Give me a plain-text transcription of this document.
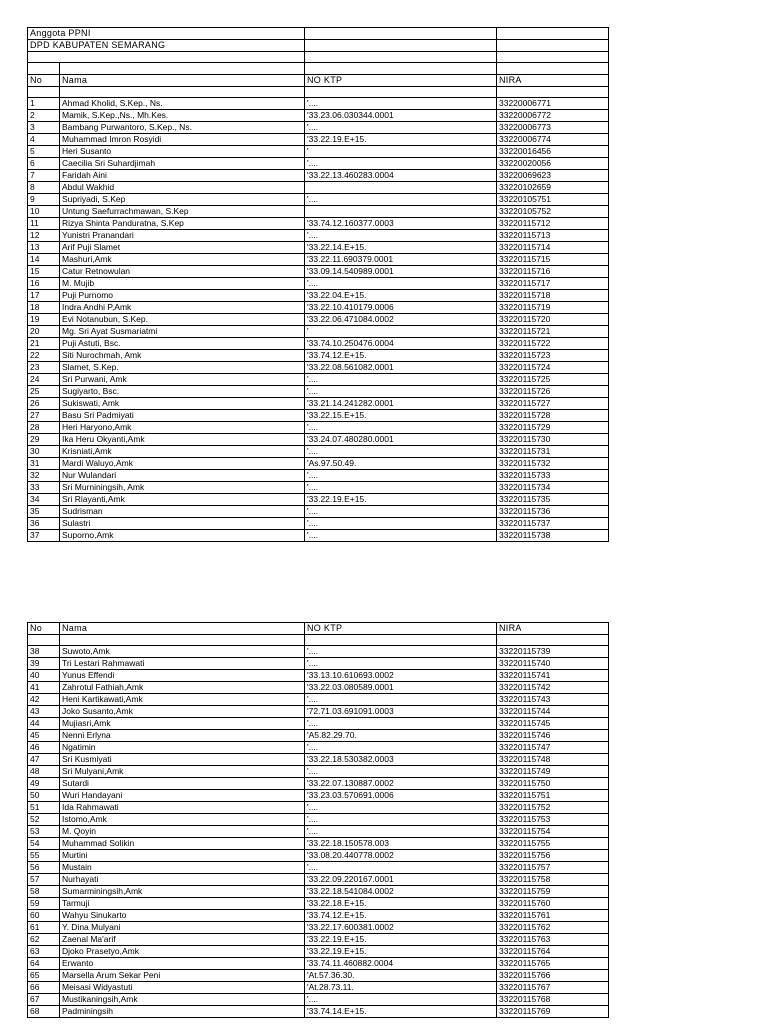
Anggota PPNI			
DPD KABUPATEN SEMARANG			

No	Nama	NO KTP	NIRA

1	Ahmad Kholid, S.Kep., Ns.	'....	33220006771
2	Mamik, S.Kep.,Ns., Mh.Kes.	'33.23.06.030344.0001	33220006772
3	Bambang Purwantoro, S.Kep., Ns.	'....	33220006773
4	Muhammad Imron Rosyidi	'33.22.19.E+15.	33220006774
5	Heri Susanto	'	33220016456
6	Caecilia Sri Suhardjimah	'....	33220020056
7	Faridah Aini	'33.22.13.460283.0004	33220069623
8	Abdul Wakhid		33220102659
9	Supriyadi, S.Kep	'....	33220105751
10	Untung Saefurrachmawan, S.Kep		33220105752
11	Rizya Shinta Panduratna, S.Kep	'33.74.12.160377.0003	33220115712
12	Yunistri Pranandari	'....	33220115713
13	Arif Puji Slamet	'33.22.14.E+15.	33220115714
14	Mashuri,Amk	'33.22.11.690379.0001	33220115715
15	Catur Retnowulan	'33.09.14.540989.0001	33220115716
16	M. Mujib	'....	33220115717
17	Puji Purnomo	'33.22.04.E+15.	33220115718
18	Indra Andhi P,Amk	'33.22.10.410179.0006	33220115719
19	Evi Notanubun, S.Kep.	'33.22.06.471084.0002	33220115720
20	Mg. Sri Ayat Susmariatmi	'	33220115721
21	Puji Astuti, Bsc.	'33.74.10.250476.0004	33220115722
22	Siti Nurochmah, Amk	'33.74.12.E+15.	33220115723
23	Slamet, S.Kep.	'33.22.08.561082.0001	33220115724
24	Sri Purwani, Amk	'....	33220115725
25	Sugiyarto, Bsc.	'....	33220115726
26	Sukiswati, Amk	'33.21.14.241282.0001	33220115727
27	Basu Sri Padmiyati	'33.22.15.E+15.	33220115728
28	Heri Haryono,Amk	'....	33220115729
29	Ika Heru Okyanti,Amk	'33.24.07.480280.0001	33220115730
30	Krisniati,Amk	'....	33220115731
31	Mardi Waluyo,Amk	'As.97.50.49.	33220115732
32	Nur Wulandari	'....	33220115733
33	Sri Murniningsih, Amk	'....	33220115734
34	Sri Riayanti,Amk	'33.22.19.E+15.	33220115735
35	Sudrisman	'....	33220115736
36	Sulastri	'....	33220115737
37	Suporno,Amk	'....	33220115738
No	Nama	NO KTP	NIRA

38	Suwoto,Amk	'....	33220115739
39	Tri Lestari Rahmawati	'....	33220115740
40	Yunus Effendi	'33.13.10.610693.0002	33220115741
41	Zahrotul Fathiah,Amk	'33.22.03.080589.0001	33220115742
42	Heni Kartikawati,Amk	'....	33220115743
43	Joko Susanto,Amk	'72.71.03.691091.0003	33220115744
44	Mujiasri,Amk	'....	33220115745
45	Nenni Erlyna	'A5.82.29.70.	33220115746
46	Ngatimin	'....	33220115747
47	Sri Kusmiyati	'33.22.18.530382.0003	33220115748
48	Sri Mulyani,Amk	'....	33220115749
49	Sutardi	'33.22.07.130887.0002	33220115750
50	Wuri Handayani	'33.23.03.570691.0006	33220115751
51	Ida Rahmawati	'....	33220115752
52	Istomo,Amk	'....	33220115753
53	M. Qoyin	'....	33220115754
54	Muhammad Solikin	'33.22.18.150578.003	33220115755
55	Murtini	'33.08.20.440778.0002	33220115756
56	Mustain	'....	33220115757
57	Nurhayati	'33.22.09.220167.0001	33220115758
58	Sumarminingsih,Amk	'33.22.18.541084.0002	33220115759
59	Tarmuji	'33.22.18.E+15.	33220115760
60	Wahyu Sinukarto	'33.74.12.E+15.	33220115761
61	Y. Dina Mulyani	'33.22.17.600381.0002	33220115762
62	Zaenal Ma'arif	'33.22.19.E+15.	33220115763
63	Djoko Prasetyo,Amk	'33.22.19.E+15.	33220115764
64	Erwanto	'33.74.11.460882.0004	33220115765
65	Marsella Arum Sekar Peni	'At.57.36.30.	33220115766
66	Meisasi Widyastuti	'At.28.73.11.	33220115767
67	Mustikaningsih,Amk	'....	33220115768
68	Padminingsih	'33.74.14.E+15.	33220115769
